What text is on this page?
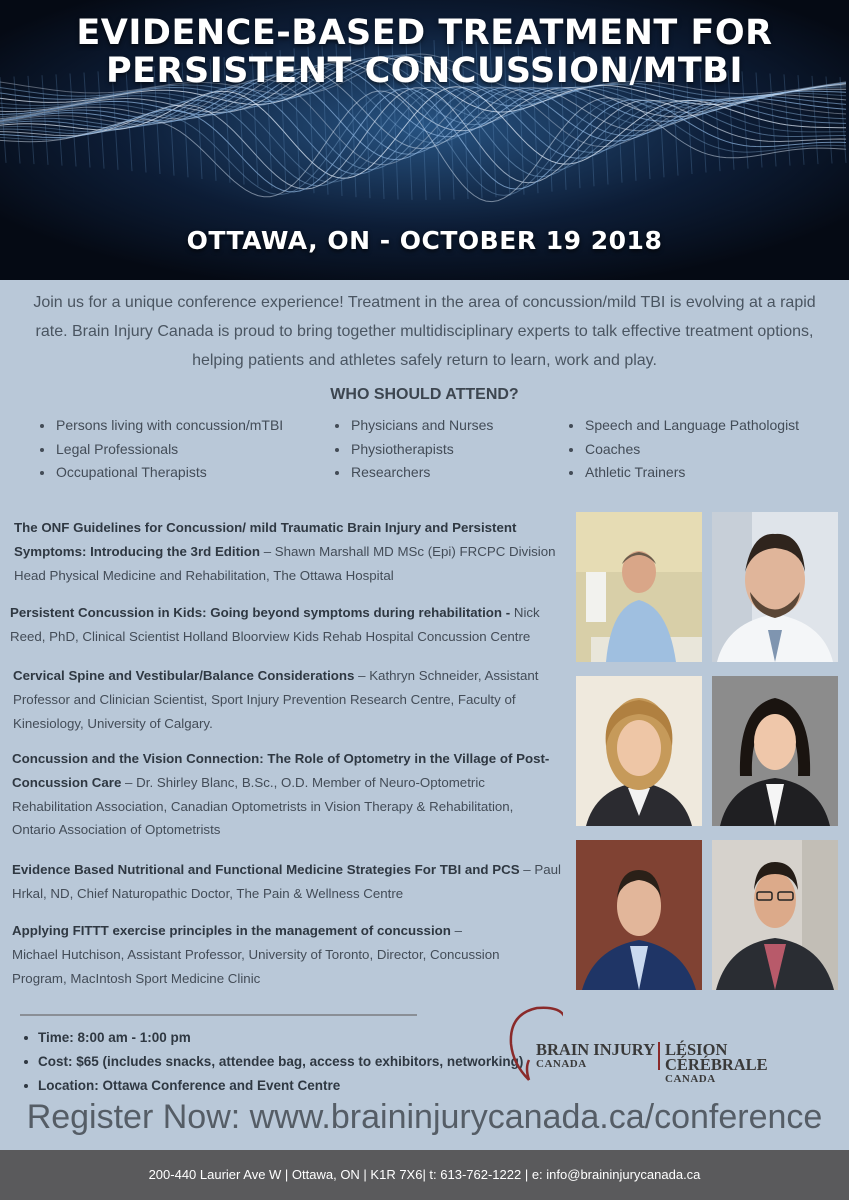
EVIDENCE-BASED TREATMENT FOR
PERSISTENT CONCUSSION/MTBI
OTTAWA, ON - OCTOBER 19 2018
Join us for a unique conference experience! Treatment in the area of concussion/mild TBI is evolving at a rapid rate. Brain Injury Canada is proud to bring together multidisciplinary experts to talk effective treatment options, helping patients and athletes safely return to learn, work and play.
WHO SHOULD ATTEND?
Persons living with concussion/mTBI
Legal Professionals
Occupational Therapists
Physicians and Nurses
Physiotherapists
Researchers
Speech and Language Pathologist
Coaches
Athletic Trainers
The ONF Guidelines for Concussion/ mild Traumatic Brain Injury and Persistent Symptoms: Introducing the 3rd Edition – Shawn Marshall MD MSc (Epi) FRCPC Division Head Physical Medicine and Rehabilitation, The Ottawa Hospital
Persistent Concussion in Kids: Going beyond symptoms during rehabilitation - Nick Reed, PhD, Clinical Scientist Holland Bloorview Kids Rehab Hospital Concussion Centre
Cervical Spine and Vestibular/Balance Considerations – Kathryn Schneider, Assistant Professor and Clinician Scientist, Sport Injury Prevention Research Centre, Faculty of Kinesiology, University of Calgary.
Concussion and the Vision Connection: The Role of Optometry in the Village of Post-Concussion Care – Dr. Shirley Blanc, B.Sc., O.D. Member of Neuro-Optometric Rehabilitation Association, Canadian Optometrists in Vision Therapy & Rehabilitation, Ontario Association of Optometrists
Evidence Based Nutritional and Functional Medicine Strategies For TBI and PCS – Paul Hrkal, ND, Chief Naturopathic Doctor, The Pain & Wellness Centre
Applying FITTT exercise principles in the management of concussion – Michael Hutchison, Assistant Professor, University of Toronto, Director, Concussion Program, MacIntosh Sport Medicine Clinic
Time: 8:00 am - 1:00 pm
Cost: $65 (includes snacks, attendee bag, access to exhibitors, networking)
Location: Ottawa Conference and Event Centre
BRAIN INJURY
CANADA
LÉSION CÉRÉBRALE
CANADA
Register Now: www.braininjurycanada.ca/conference
200-440 Laurier Ave W | Ottawa, ON | K1R 7X6| t: 613-762-1222 | e: info@braininjurycanada.ca
